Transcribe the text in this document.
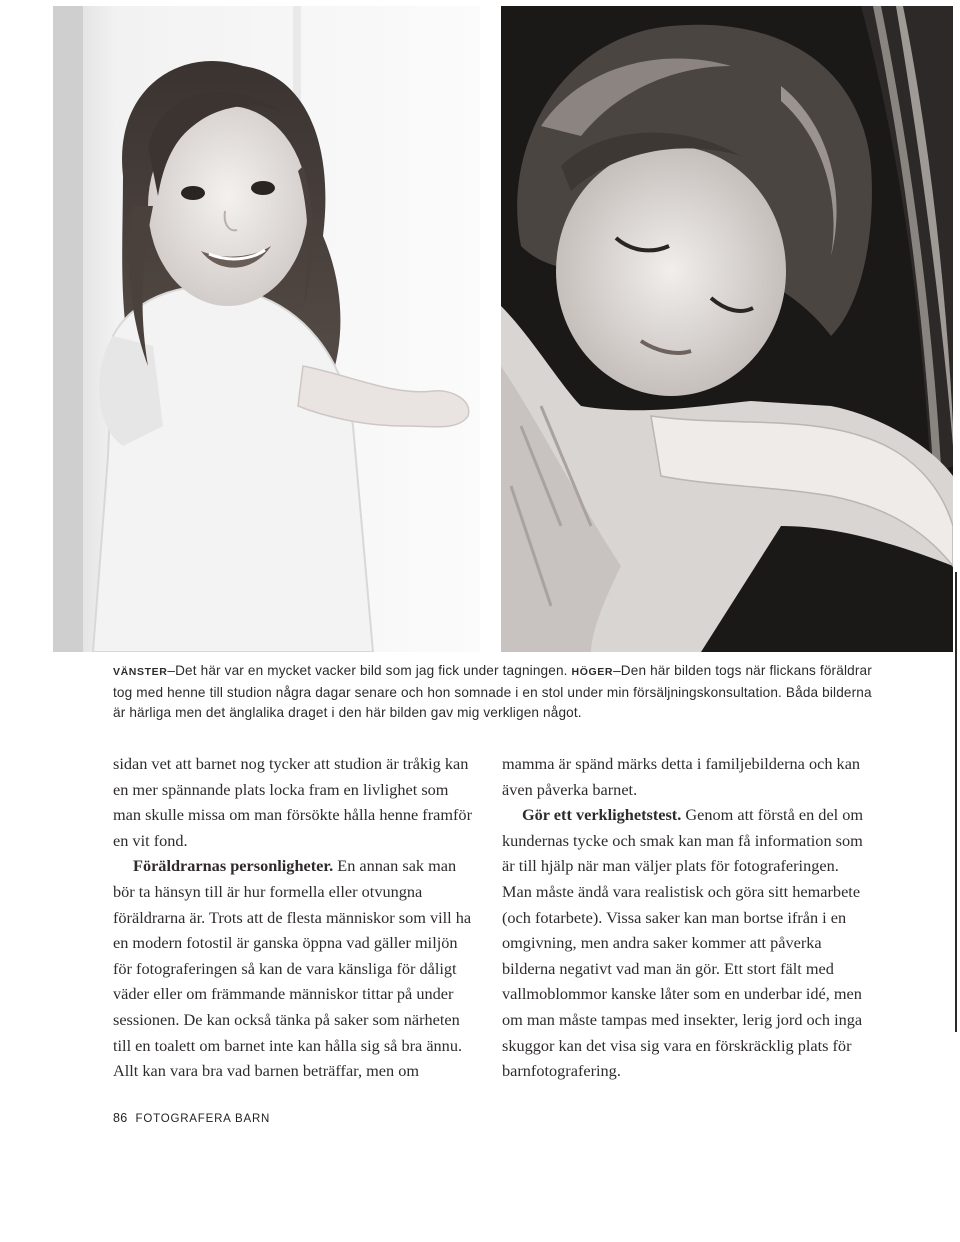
VÄNSTER–Det här var en mycket vacker bild som jag fick under tagningen. HÖGER–Den här bilden togs när flickans föräldrar tog med henne till studion några dagar senare och hon somnade i en stol under min försäljningskonsultation. Båda bilderna är härliga men det änglalika draget i den här bilden gav mig verkligen något.

sidan vet att barnet nog tycker att studion är tråkig kan en mer spännande plats locka fram en livlighet som man skulle missa om man försökte hålla henne framför en vit fond.

Föräldrarnas personligheter. En annan sak man bör ta hänsyn till är hur formella eller otvungna föräldrarna är. Trots att de flesta människor som vill ha en modern fotostil är ganska öppna vad gäller miljön för fotograferingen så kan de vara känsliga för dåligt väder eller om främmande människor tittar på under sessionen. De kan också tänka på saker som närheten till en toalett om barnet inte kan hålla sig så bra ännu. Allt kan vara bra vad barnen beträffar, men om

mamma är spänd märks detta i familjebilderna och kan även påverka barnet.

Gör ett verklighetstest. Genom att förstå en del om kundernas tycke och smak kan man få information som är till hjälp när man väljer plats för fotograferingen. Man måste ändå vara realistisk och göra sitt hemarbete (och fotarbete). Vissa saker kan man bortse ifrån i en omgivning, men andra saker kommer att påverka bilderna negativt vad man än gör. Ett stort fält med vallmoblommor kanske låter som en underbar idé, men om man måste tampas med insekter, lerig jord och inga skuggor kan det visa sig vara en förskräcklig plats för barnfotografering.

86 FOTOGRAFERA BARN
